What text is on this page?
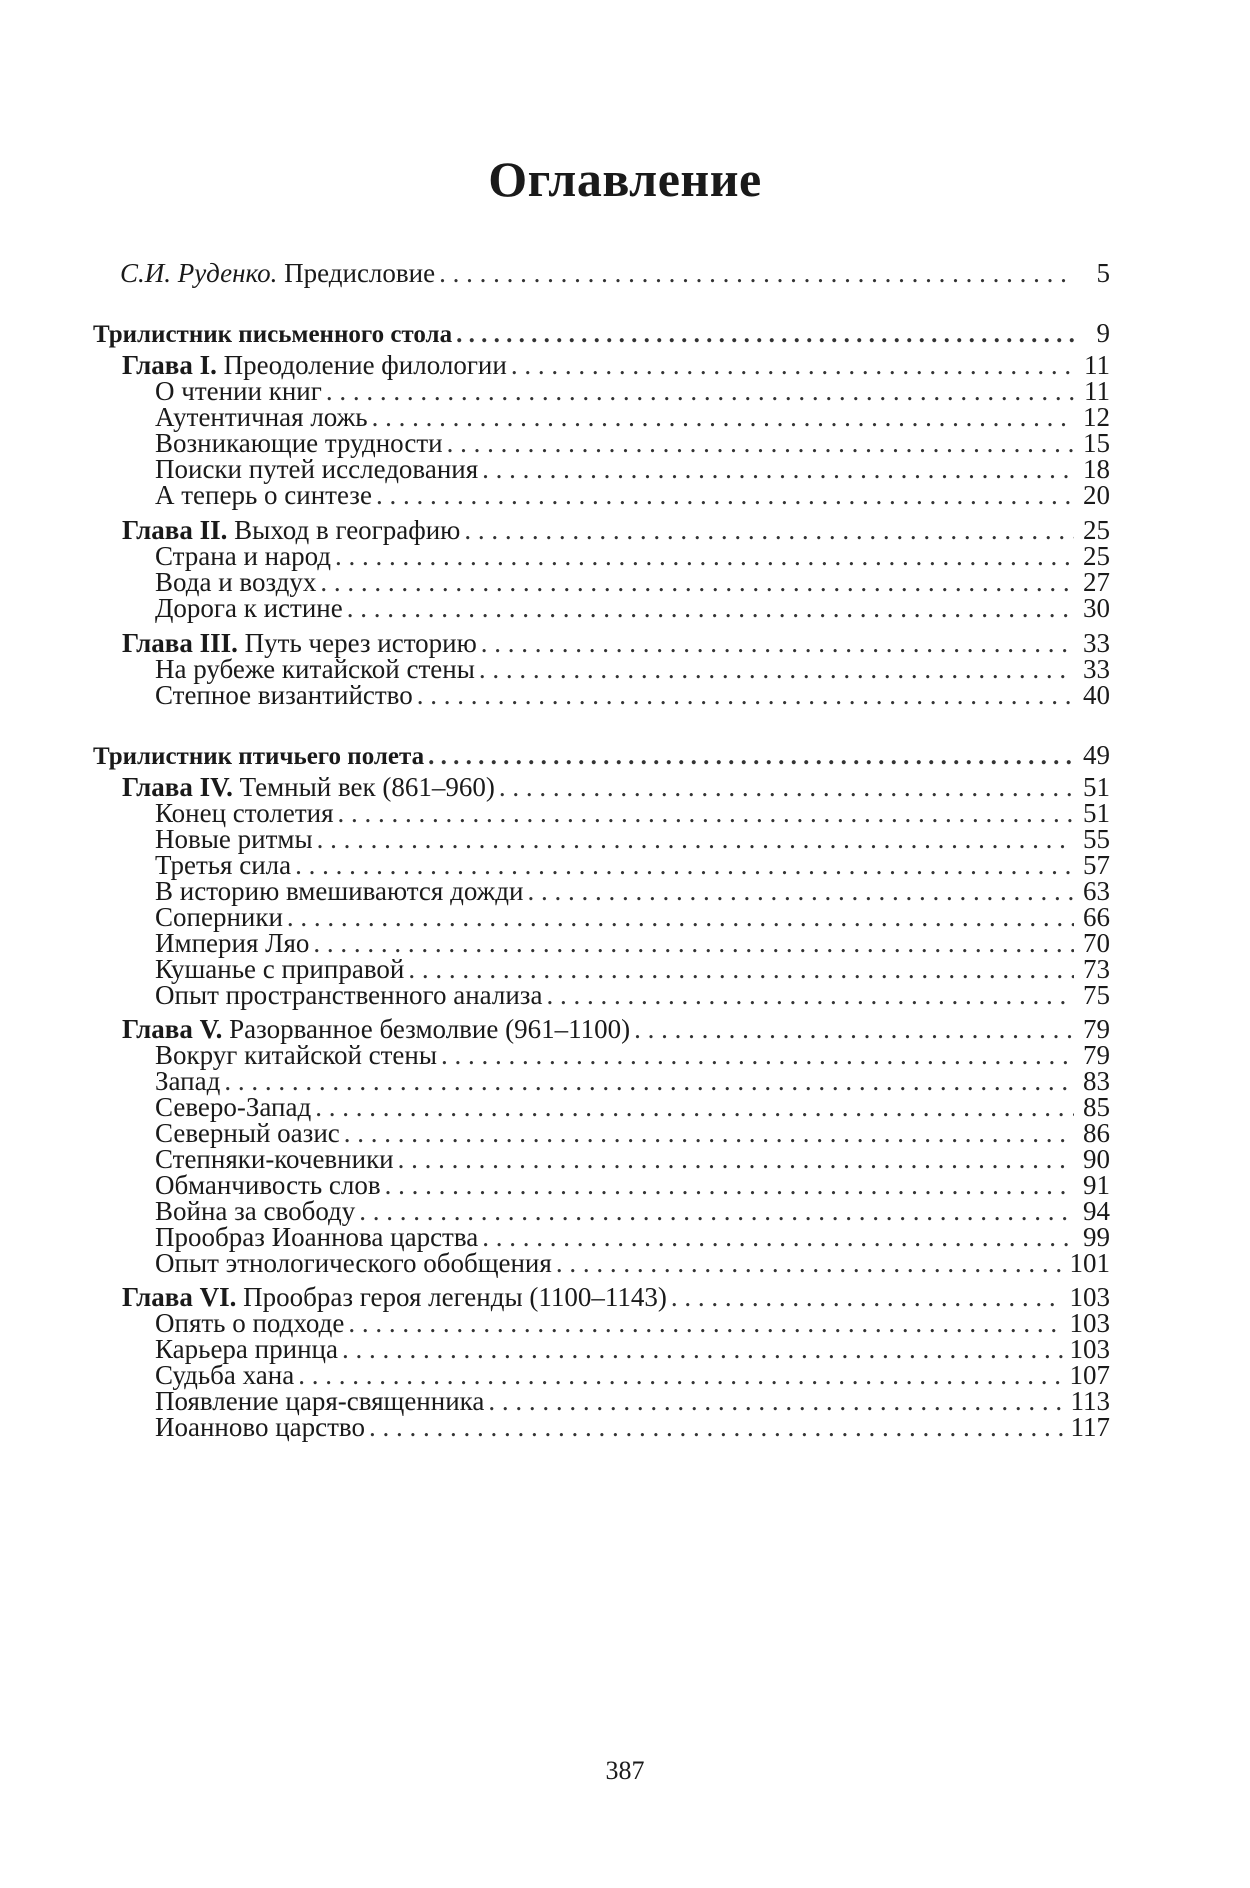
Оглавление
С.И. Руденко. Предисловие . . .	5
Трилистник письменного стола . . .	9
Глава I. Преодоление филологии . . .	11
О чтении книг . . .	11
Аутентичная ложь . . .	12
Возникающие трудности . . .	15
Поиски путей исследования . . .	18
А теперь о синтезе . . .	20
Глава II. Выход в географию . . .	25
Страна и народ . . .	25
Вода и воздух . . .	27
Дорога к истине . . .	30
Глава III. Путь через историю . . .	33
На рубеже китайской стены . . .	33
Степное византийство . . .	40
Трилистник птичьего полета . . .	49
Глава IV. Темный век (861–960) . . .	51
Конец столетия . . .	51
Новые ритмы . . .	55
Третья сила . . .	57
В историю вмешиваются дожди . . .	63
Соперники . . .	66
Империя Ляо . . .	70
Кушанье с приправой . . .	73
Опыт пространственного анализа . . .	75
Глава V. Разорванное безмолвие (961–1100) . . .	79
Вокруг китайской стены . . .	79
Запад . . .	83
Северо-Запад . . .	85
Северный оазис . . .	86
Степняки-кочевники . . .	90
Обманчивость слов . . .	91
Война за свободу . . .	94
Прообраз Иоаннова царства . . .	99
Опыт этнологического обобщения . . .	101
Глава VI. Прообраз героя легенды (1100–1143) . . .	103
Опять о подходе . . .	103
Карьера принца . . .	103
Судьба хана . . .	107
Появление царя-священника . . .	113
Иоанново царство . . .	117

387
